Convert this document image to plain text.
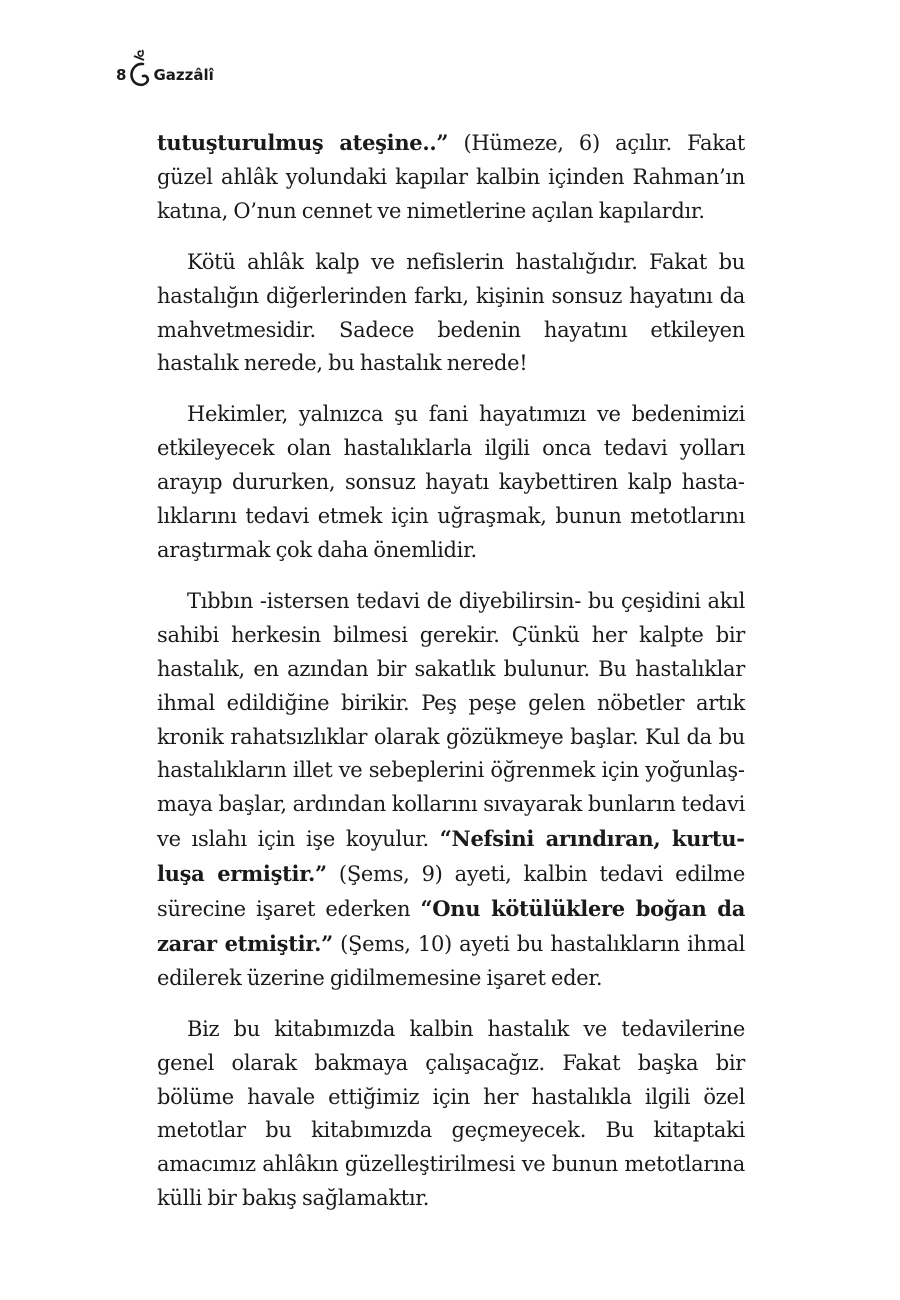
8 Gazzâlî

tutuşturulmuş ateşine..” (Hümeze, 6) açılır. Fakat güzel ahlâk yolundaki kapılar kalbin içinden Rahman’ın katına, O’nun cennet ve nimetlerine açılan kapılardır.

Kötü ahlâk kalp ve nefislerin hastalığıdır. Fakat bu hastalığın diğerlerinden farkı, kişinin sonsuz hayatını da mahvetmesidir. Sadece bedenin hayatını etkileyen hastalık nerede, bu hastalık nerede!

Hekimler, yalnızca şu fani hayatımızı ve bedenimizi etkileyecek olan hastalıklarla ilgili onca tedavi yolları arayıp dururken, sonsuz hayatı kaybettiren kalp hastalıklarını tedavi etmek için uğraşmak, bunun metotlarını araştırmak çok daha önemlidir.

Tıbbın -istersen tedavi de diyebilirsin- bu çeşidini akıl sahibi herkesin bilmesi gerekir. Çünkü her kalpte bir hastalık, en azından bir sakatlık bulunur. Bu hastalıklar ihmal edildiğine birikir. Peş peşe gelen nöbetler artık kronik rahatsızlıklar olarak gözükmeye başlar. Kul da bu hastalıkların illet ve sebeplerini öğrenmek için yoğunlaşmaya başlar, ardından kollarını sıvayarak bunların tedavi ve ıslahı için işe koyulur. “Nefsini arındıran, kurtuluşa ermiştir.” (Şems, 9) ayeti, kalbin tedavi edilme sürecine işaret ederken “Onu kötülüklere boğan da zarar etmiştir.” (Şems, 10) ayeti bu hastalıkların ihmal edilerek üzerine gidilmemesine işaret eder.

Biz bu kitabımızda kalbin hastalık ve tedavilerine genel olarak bakmaya çalışacağız. Fakat başka bir bölüme havale ettiğimiz için her hastalıkla ilgili özel metotlar bu kitabımızda geçmeyecek. Bu kitaptaki amacımız ahlâkın güzelleştirilmesi ve bunun metotlarına külli bir bakış sağlamaktır.
